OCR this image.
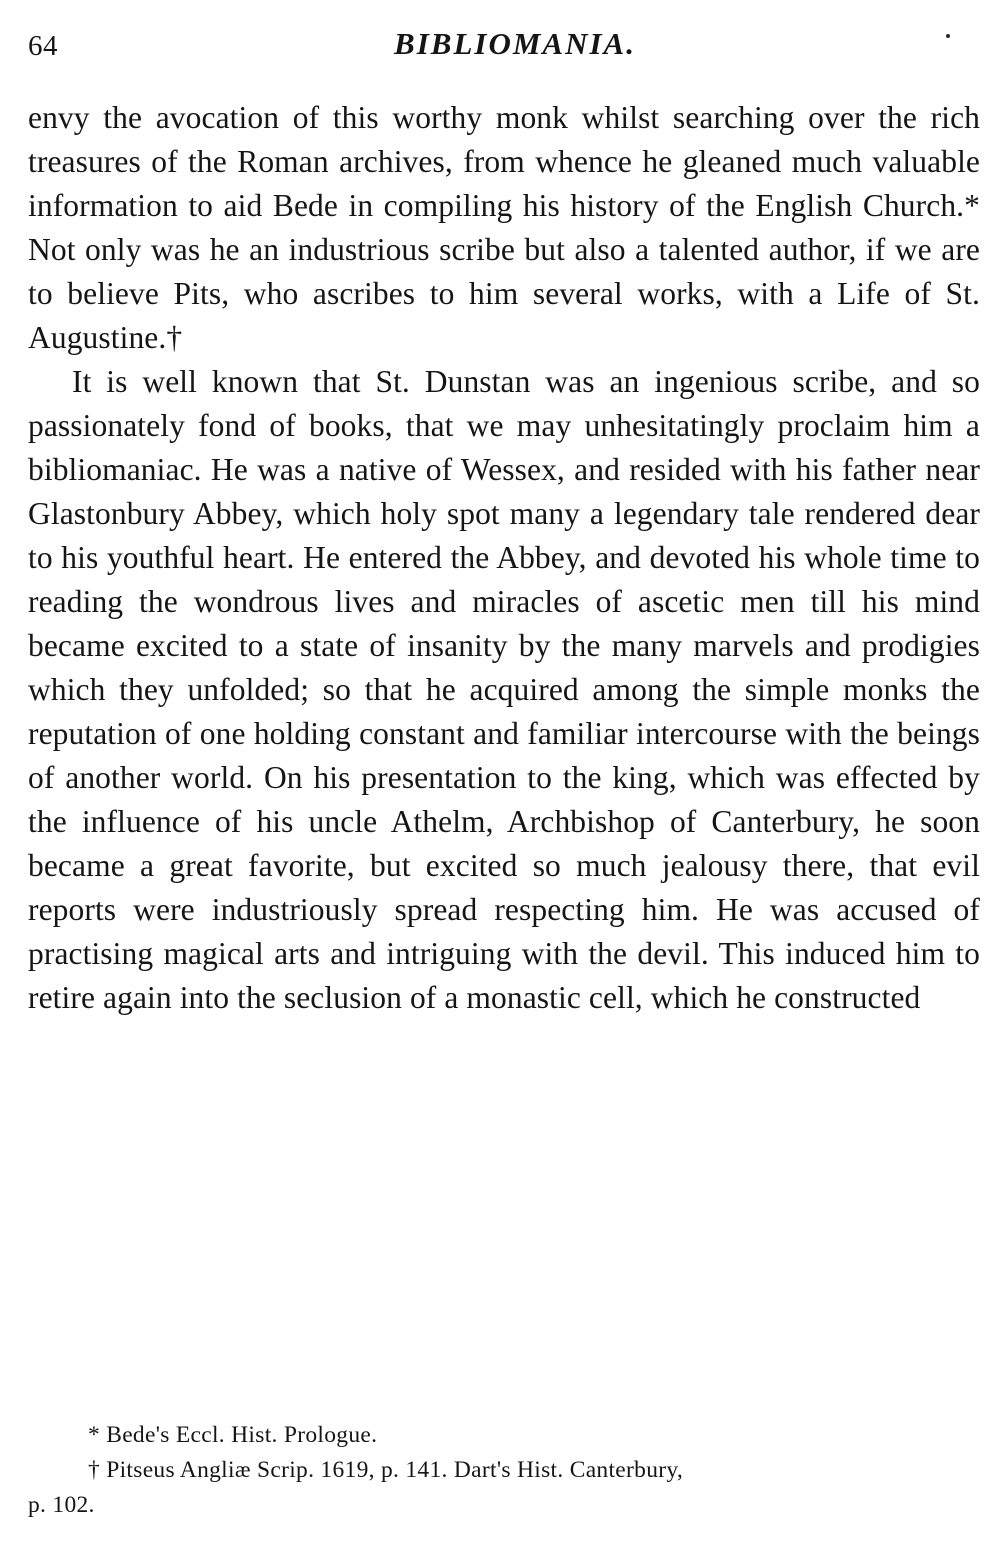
64	BIBLIOMANIA.

envy the avocation of this worthy monk whilst searching over the rich treasures of the Roman archives, from whence he gleaned much valuable information to aid Bede in compiling his history of the English Church.* Not only was he an industrious scribe but also a talented author, if we are to believe Pits, who ascribes to him several works, with a Life of St. Augustine.†

It is well known that St. Dunstan was an ingenious scribe, and so passionately fond of books, that we may unhesitatingly proclaim him a bibliomaniac. He was a native of Wessex, and resided with his father near Glastonbury Abbey, which holy spot many a legendary tale rendered dear to his youthful heart. He entered the Abbey, and devoted his whole time to reading the wondrous lives and miracles of ascetic men till his mind became excited to a state of insanity by the many marvels and prodigies which they unfolded; so that he acquired among the simple monks the reputation of one holding constant and familiar intercourse with the beings of another world. On his presentation to the king, which was effected by the influence of his uncle Athelm, Archbishop of Canterbury, he soon became a great favorite, but excited so much jealousy there, that evil reports were industriously spread respecting him. He was accused of practising magical arts and intriguing with the devil. This induced him to retire again into the seclusion of a monastic cell, which he constructed

* Bede's Eccl. Hist. Prologue.

† Pitseus Angliæ Scrip. 1619, p. 141. Dart's Hist. Canterbury,

p. 102.
